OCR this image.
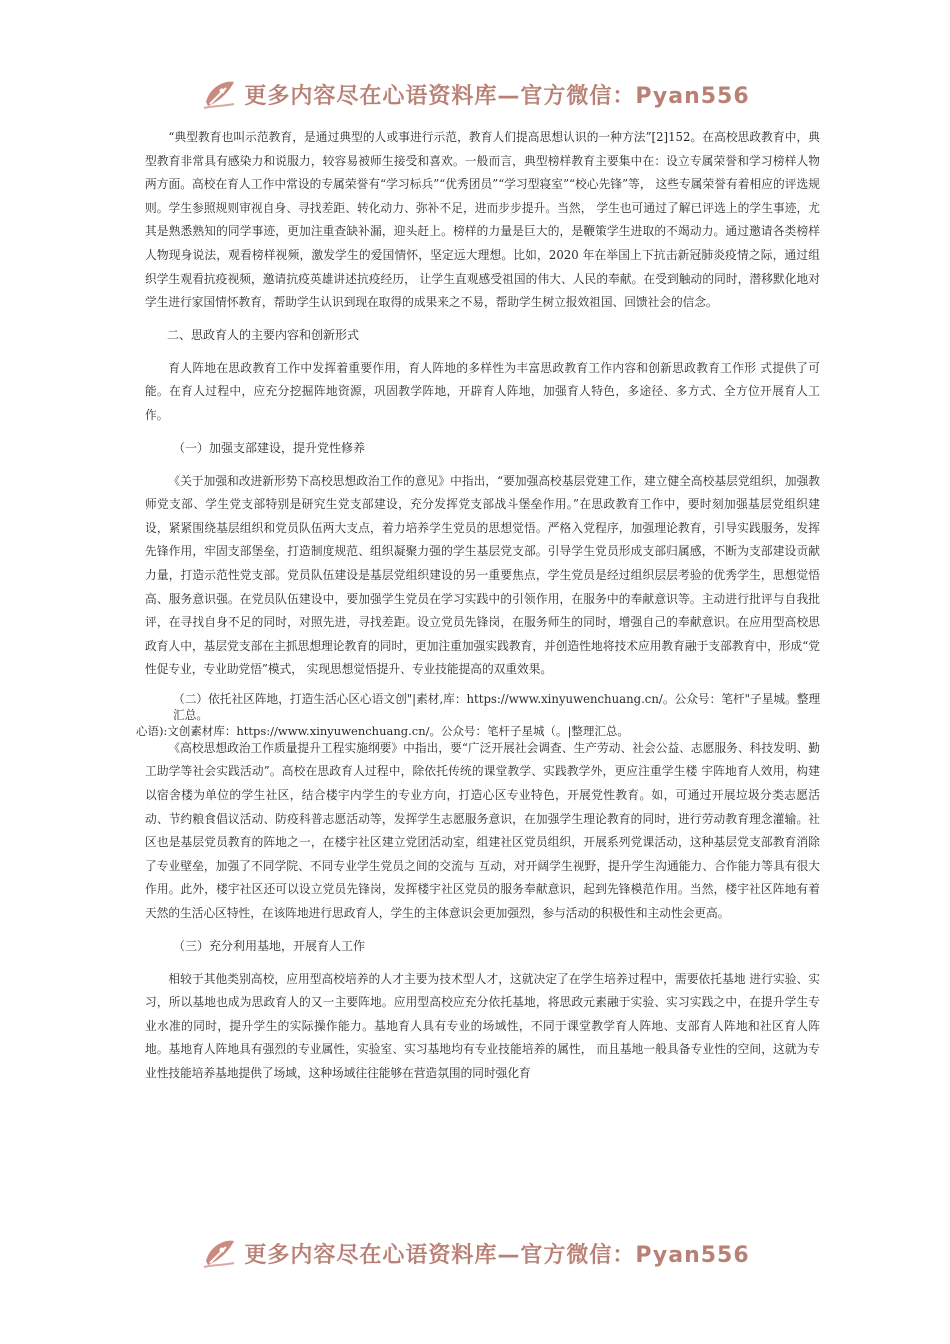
更多内容尽在心语资料库—官方微信：Pyan556

“典型教育也叫示范教育，是通过典型的人或事进行示范，教育人们提高思想认识的一种方法”[2]152。在高校思政教育中，典型教育非常具有感染力和说服力，较容易被师生接受和喜欢。一般而言，典型榜样教育主要集中在：设立专属荣誉和学习榜样人物两方面。高校在育人工作中常设的专属荣誉有“学习标兵”“优秀团员”“学习型寝室”“校心先锋”等， 这些专属荣誉有着相应的评选规则。学生参照规则审视自身、寻找差距、转化动力、弥补不足，进而步步提升。当然， 学生也可通过了解已评选上的学生事迹，尤其是熟悉熟知的同学事迹，更加注重查缺补漏，迎头赶上。榜样的力量是巨大的，是鞭策学生进取的不竭动力。通过邀请各类榜样人物现身说法，观看榜样视频，激发学生的爱国情怀，坚定远大理想。比如，2020 年在举国上下抗击新冠肺炎疫情之际，通过组织学生观看抗疫视频，邀请抗疫英雄讲述抗疫经历， 让学生直观感受祖国的伟大、人民的奉献。在受到触动的同时，潜移默化地对学生进行家国情怀教育，帮助学生认识到现在取得的成果来之不易，帮助学生树立报效祖国、回馈社会的信念。

二、思政育人的主要内容和创新形式

育人阵地在思政教育工作中发挥着重要作用，育人阵地的多样性为丰富思政教育工作内容和创新思政教育工作形 式提供了可能。在育人过程中，应充分挖掘阵地资源，巩固教学阵地，开辟育人阵地，加强育人特色，多途径、多方式、全方位开展育人工作。

（一）加强支部建设，提升党性修养

《关于加强和改进新形势下高校思想政治工作的意见》中指出，“要加强高校基层党建工作，建立健全高校基层党组织，加强教师党支部、学生党支部特别是研究生党支部建设，充分发挥党支部战斗堡垒作用。”在思政教育工作中，要时刻加强基层党组织建设，紧紧围绕基层组织和党员队伍两大支点，着力培养学生党员的思想觉悟。严格入党程序，加强理论教育，引导实践服务，发挥先锋作用，牢固支部堡垒，打造制度规范、组织凝聚力强的学生基层党支部。引导学生党员形成支部归属感，不断为支部建设贡献力量，打造示范性党支部。党员队伍建设是基层党组织建设的另一重要焦点，学生党员是经过组织层层考验的优秀学生，思想觉悟高、服务意识强。在党员队伍建设中，要加强学生党员在学习实践中的引领作用，在服务中的奉献意识等。主动进行批评与自我批评，在寻找自身不足的同时，对照先进，寻找差距。设立党员先锋岗，在服务师生的同时，增强自己的奉献意识。在应用型高校思政育人中，基层党支部在主抓思想理论教育的同时，更加注重加强实践教育，并创造性地将技术应用教育融于支部教育中，形成“党性促专业，专业助党悟”模式， 实现思想觉悟提升、专业技能提高的双重效果。

（二）依托社区阵地，打造生活心区心语文创"|素材,库：https://www.xinyuwenchuang.cn/。公众号：笔杆"子星城。整理汇总。
心语):文创素材库：https://www.xinyuwenchuang.cn/。公众号：笔杆子星城（。|整理汇总。

《高校思想政治工作质量提升工程实施纲要》中指出，要“广泛开展社会调查、生产劳动、社会公益、志愿服务、科技发明、勤工助学等社会实践活动”。高校在思政育人过程中，除依托传统的课堂教学、实践教学外，更应注重学生楼 宇阵地育人效用，构建以宿舍楼为单位的学生社区，结合楼宇内学生的专业方向，打造心区专业特色，开展党性教育。如，可通过开展垃圾分类志愿活动、节约粮食倡议活动、防疫科普志愿活动等，发挥学生志愿服务意识，在加强学生理论教育的同时，进行劳动教育理念灌输。社区也是基层党员教育的阵地之一，在楼宇社区建立党团活动室，组建社区党员组织，开展系列党课活动，这种基层党支部教育消除了专业壁垒，加强了不同学院、不同专业学生党员之间的交流与 互动，对开阔学生视野，提升学生沟通能力、合作能力等具有很大作用。此外，楼宇社区还可以设立党员先锋岗，发挥楼宇社区党员的服务奉献意识，起到先锋模范作用。当然，楼宇社区阵地有着天然的生活心区特性，在该阵地进行思政育人，学生的主体意识会更加强烈，参与活动的积极性和主动性会更高。

（三）充分利用基地，开展育人工作

相较于其他类别高校，应用型高校培养的人才主要为技术型人才，这就决定了在学生培养过程中，需要依托基地 进行实验、实习，所以基地也成为思政育人的又一主要阵地。应用型高校应充分依托基地，将思政元素融于实验、实习实践之中，在提升学生专业水准的同时，提升学生的实际操作能力。基地育人具有专业的场域性，不同于课堂教学育人阵地、支部育人阵地和社区育人阵地。基地育人阵地具有强烈的专业属性，实验室、实习基地均有专业技能培养的属性， 而且基地一般具备专业性的空间，这就为专业性技能培养基地提供了场域，这种场域往往能够在营造氛围的同时强化育

更多内容尽在心语资料库—官方微信：Pyan556
